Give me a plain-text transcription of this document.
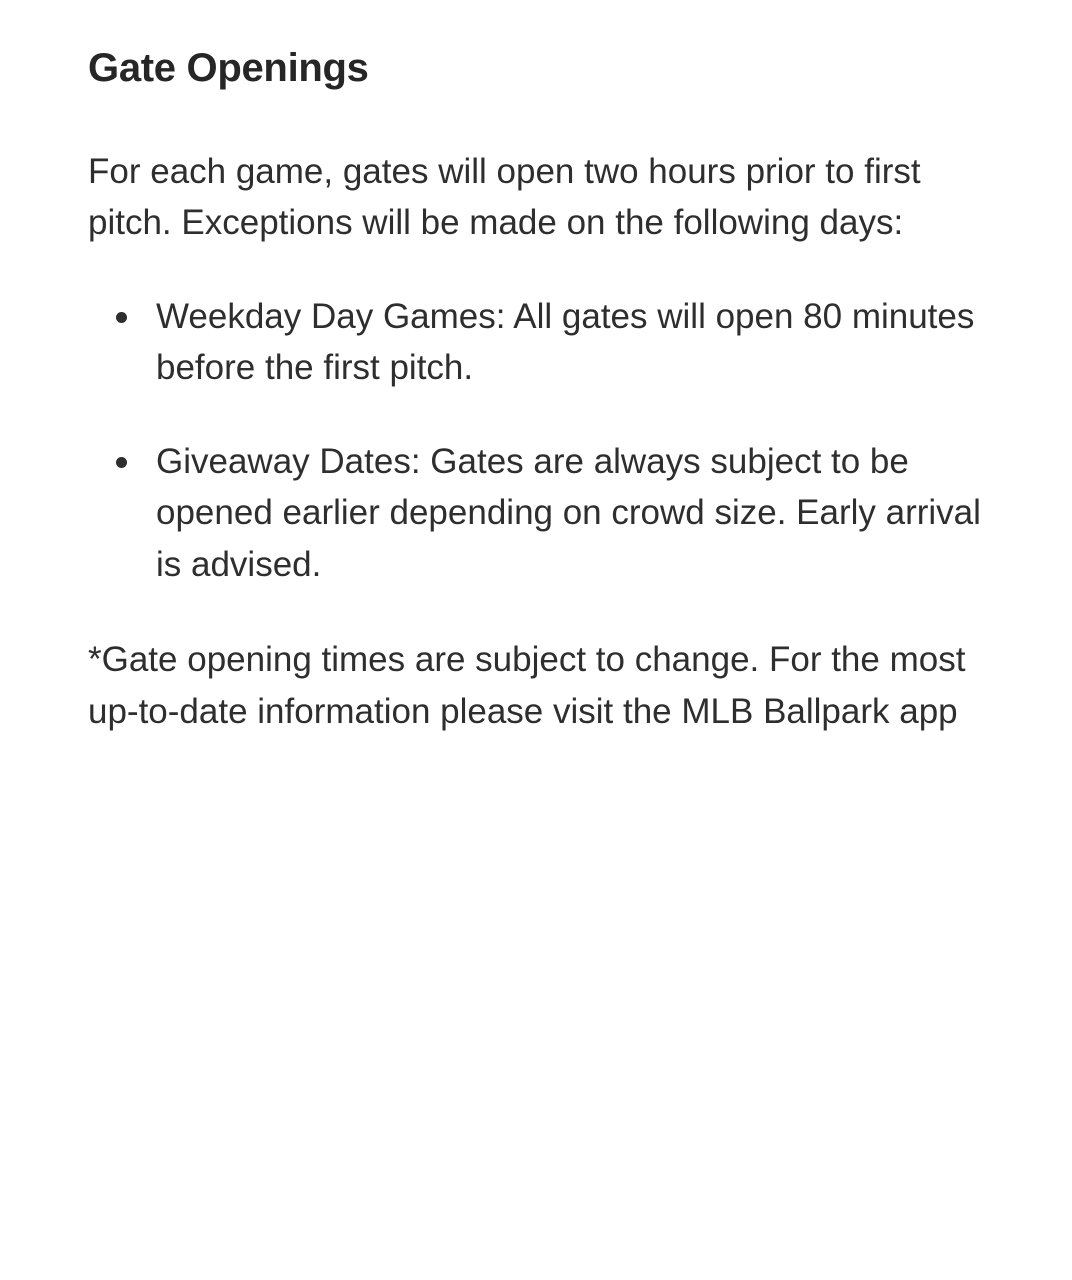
Gate Openings

For each game, gates will open two hours prior to first pitch. Exceptions will be made on the following days:

Weekday Day Games: All gates will open 80 minutes before the first pitch.
Giveaway Dates: Gates are always subject to be opened earlier depending on crowd size. Early arrival is advised.

*Gate opening times are subject to change. For the most up-to-date information please visit the MLB Ballpark app
